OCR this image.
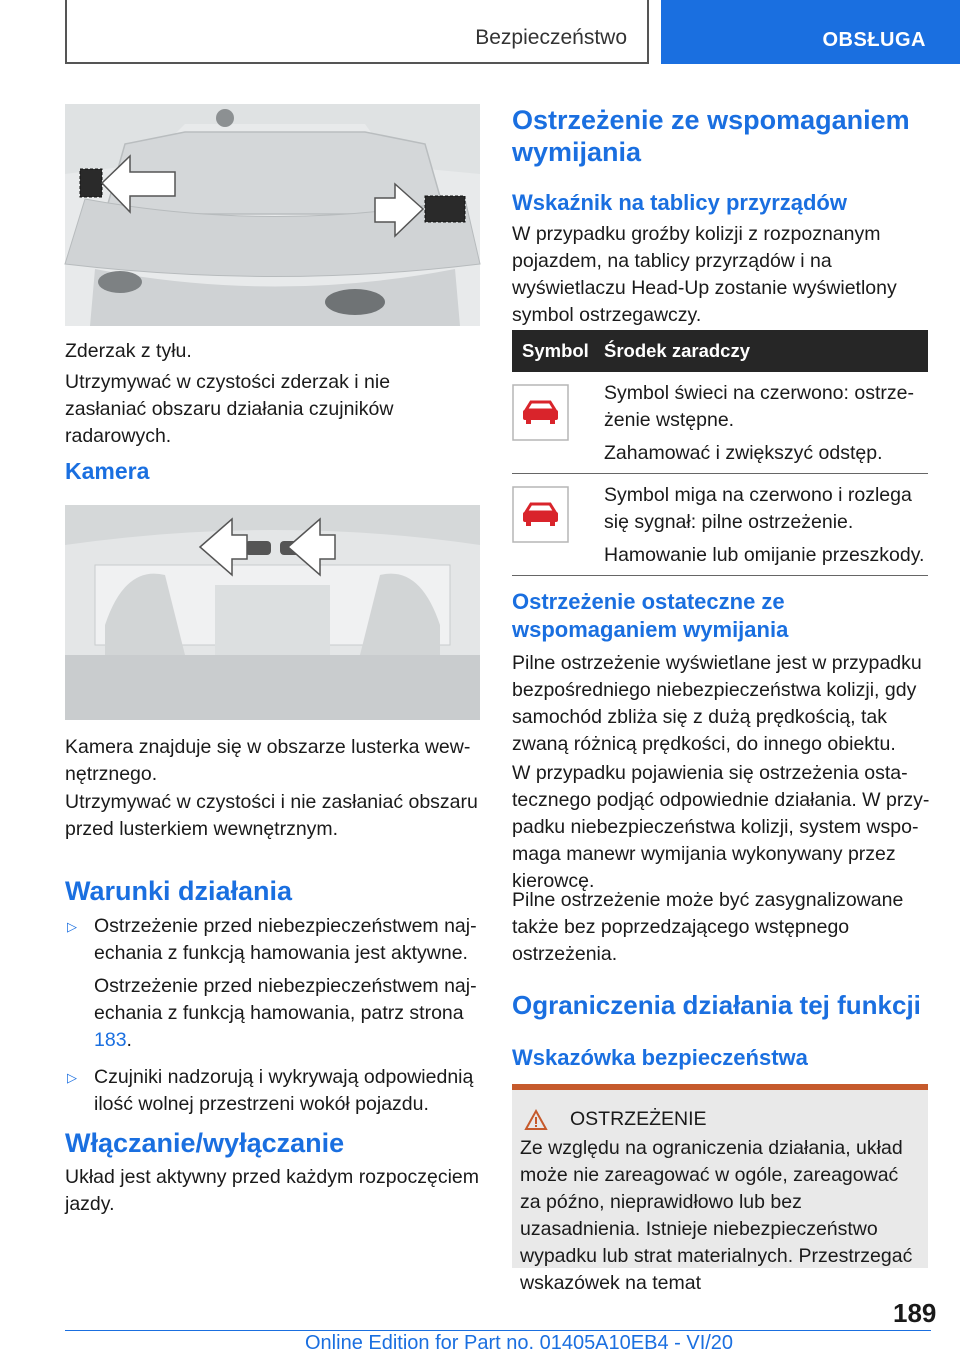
Bezpieczeństwo	OBSŁUGA

Zderzak z tyłu.

Utrzymywać w czystości zderzak i nie zasłaniać obszaru działania czujników radarowych.

Kamera

Kamera znajduje się w obszarze lusterka wewnętrznego.

Utrzymywać w czystości i nie zasłaniać obszaru przed lusterkiem wewnętrznym.

Warunki działania
▷ Ostrzeżenie przed niebezpieczeństwem najechania z funkcją hamowania jest aktywne.

Ostrzeżenie przed niebezpieczeństwem najechania z funkcją hamowania, patrz strona 183.

▷ Czujniki nadzorują i wykrywają odpowiednią ilość wolnej przestrzeni wokół pojazdu.

Włączanie/wyłączanie

Układ jest aktywny przed każdym rozpoczęciem jazdy.

Ostrzeżenie ze wspomaganiem wymijania
Wskaźnik na tablicy przyrządów

W przypadku groźby kolizji z rozpoznanym pojazdem, na tablicy przyrządów i na wyświetlaczu Head-Up zostanie wyświetlony symbol ostrzegawczy.

Symbol Środek zaradczy

Symbol świeci na czerwono: ostrzeżenie wstępne.

Zahamować i zwiększyć odstęp.

Symbol miga na czerwono i rozlega się sygnał: pilne ostrzeżenie.

Hamowanie lub omijanie przeszkody.

Ostrzeżenie ostateczne ze wspomaganiem wymijania

Pilne ostrzeżenie wyświetlane jest w przypadku bezpośredniego niebezpieczeństwa kolizji, gdy samochód zbliża się z dużą prędkością, tak zwaną różnicą prędkości, do innego obiektu.

W przypadku pojawienia się ostrzeżenia ostatecznego podjąć odpowiednie działania. W przypadku niebezpieczeństwa kolizji, system wspomaga manewr wymijania wykonywany przez kierowcę.

Pilne ostrzeżenie może być zasygnalizowane także bez poprzedzającego wstępnego ostrzeżenia.

Ograniczenia działania tej funkcji
Wskazówka bezpieczeństwa
OSTRZEŻENIE

Ze względu na ograniczenia działania, układ może nie zareagować w ogóle, zareagować za późno, nieprawidłowo lub bez uzasadnienia. Istnieje niebezpieczeństwo wypadku lub strat materialnych. Przestrzegać wskazówek na temat

189
Online Edition for Part no. 01405A10EB4 - VI/20
